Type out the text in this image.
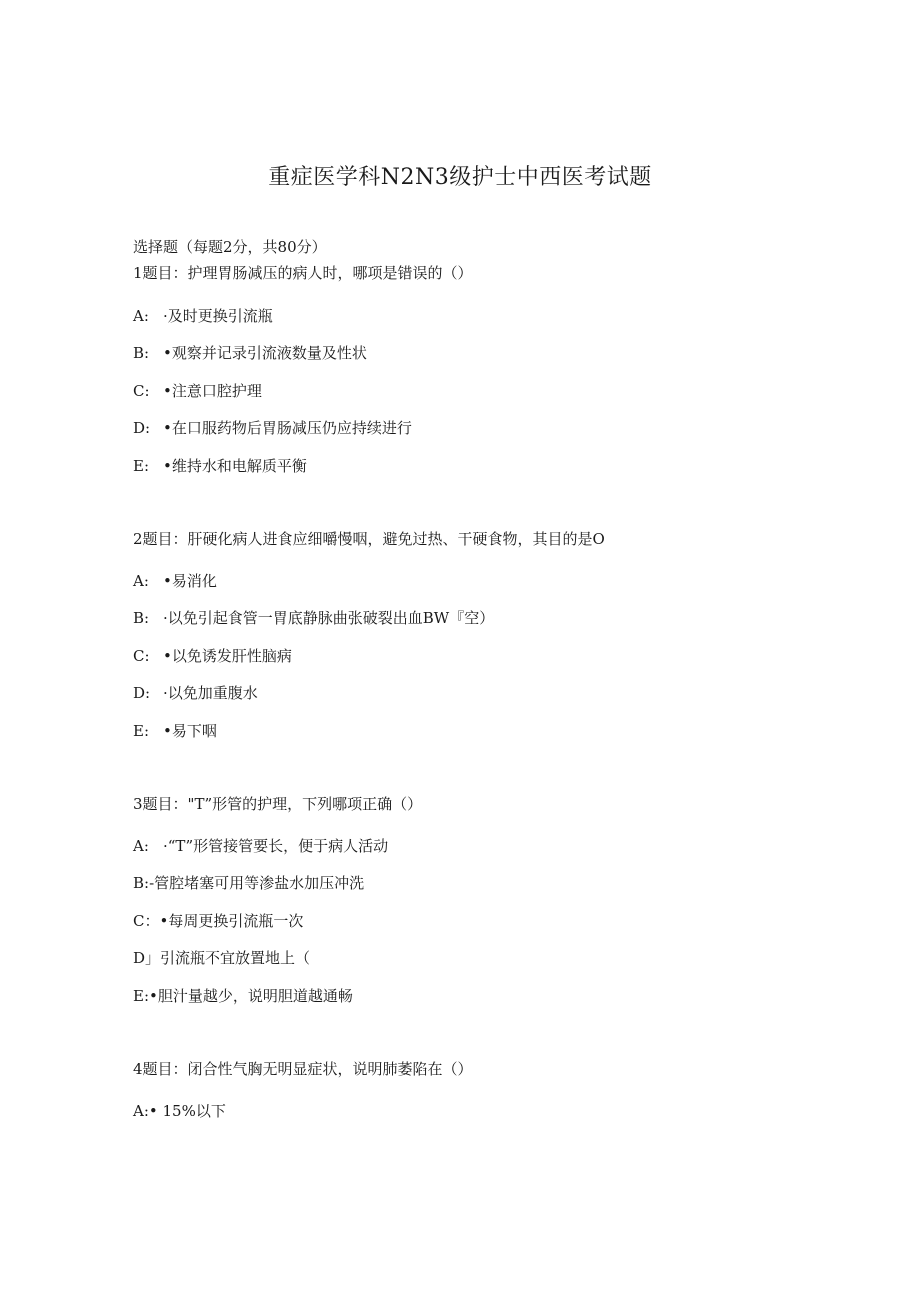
重症医学科N2N3级护士中西医考试题
选择题（每题2分，共80分）
1题目：护理胃肠减压的病人时，哪项是错误的（）
A: ·及时更换引流瓶
B: •观察并记录引流液数量及性状
C: •注意口腔护理
D: •在口服药物后胃肠减压仍应持续进行
E: •维持水和电解质平衡
2题目：肝硬化病人进食应细嚼慢咽，避免过热、干硬食物，其目的是O
A: •易消化
B: ·以免引起食管一胃底静脉曲张破裂出血BW『空）
C: •以免诱发肝性脑病
D: ·以免加重腹水
E: •易下咽
3题目："T”形管的护理，下列哪项正确（）
A: ·“T”形管接管要长，便于病人活动
B:-管腔堵塞可用等渗盐水加压冲洗
C：•每周更换引流瓶一次
D」引流瓶不宜放置地上（
E:•胆汁量越少，说明胆道越通畅
4题目：闭合性气胸无明显症状，说明肺萎陷在（）
A:• 15%以下
